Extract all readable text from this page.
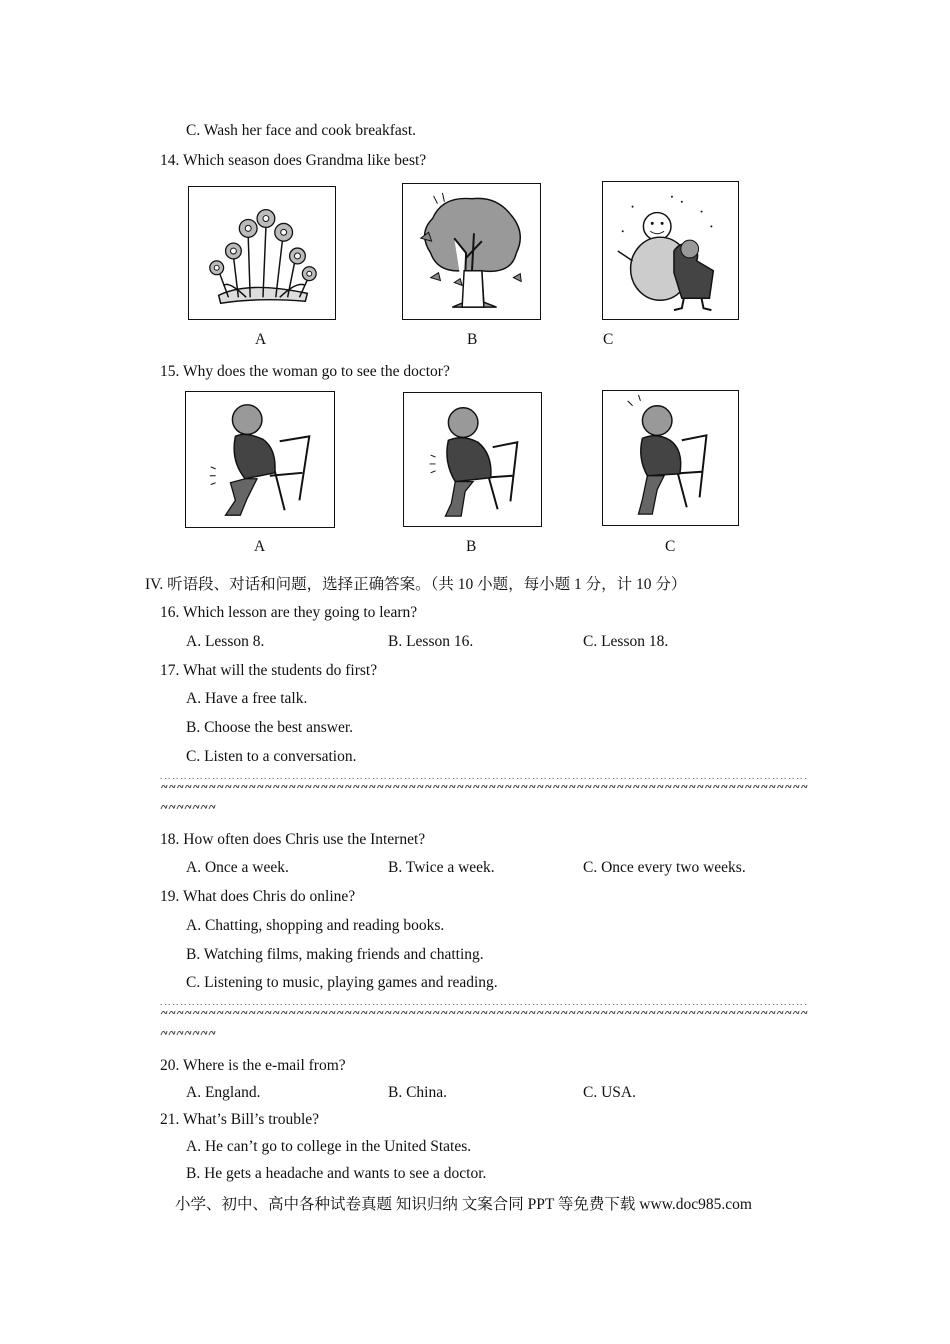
C. Wash her face and cook breakfast.
14. Which season does Grandma like best?
A	B	C
15. Why does the woman go to see the doctor?
A	B	C
IV. 听语段、对话和问题，选择正确答案。（共 10 小题，每小题 1 分，计 10 分）
16. Which lesson are they going to learn?
A. Lesson 8.	B. Lesson 16.	C. Lesson 18.
17. What will the students do first?
A. Have a free talk.
B. Choose the best answer.
C. Listen to a conversation.
18. How often does Chris use the Internet?
A. Once a week.	B. Twice a week.	C. Once every two weeks.
19. What does Chris do online?
A. Chatting, shopping and reading books.
B. Watching films, making friends and chatting.
C. Listening to music, playing games and reading.
20. Where is the e-mail from?
A. England.	B. China.	C. USA.
21. What’s Bill’s trouble?
A. He can’t go to college in the United States.
B. He gets a headache and wants to see a doctor.
小学、初中、高中各种试卷真题 知识归纳 文案合同 PPT 等免费下载 www.doc985.com
